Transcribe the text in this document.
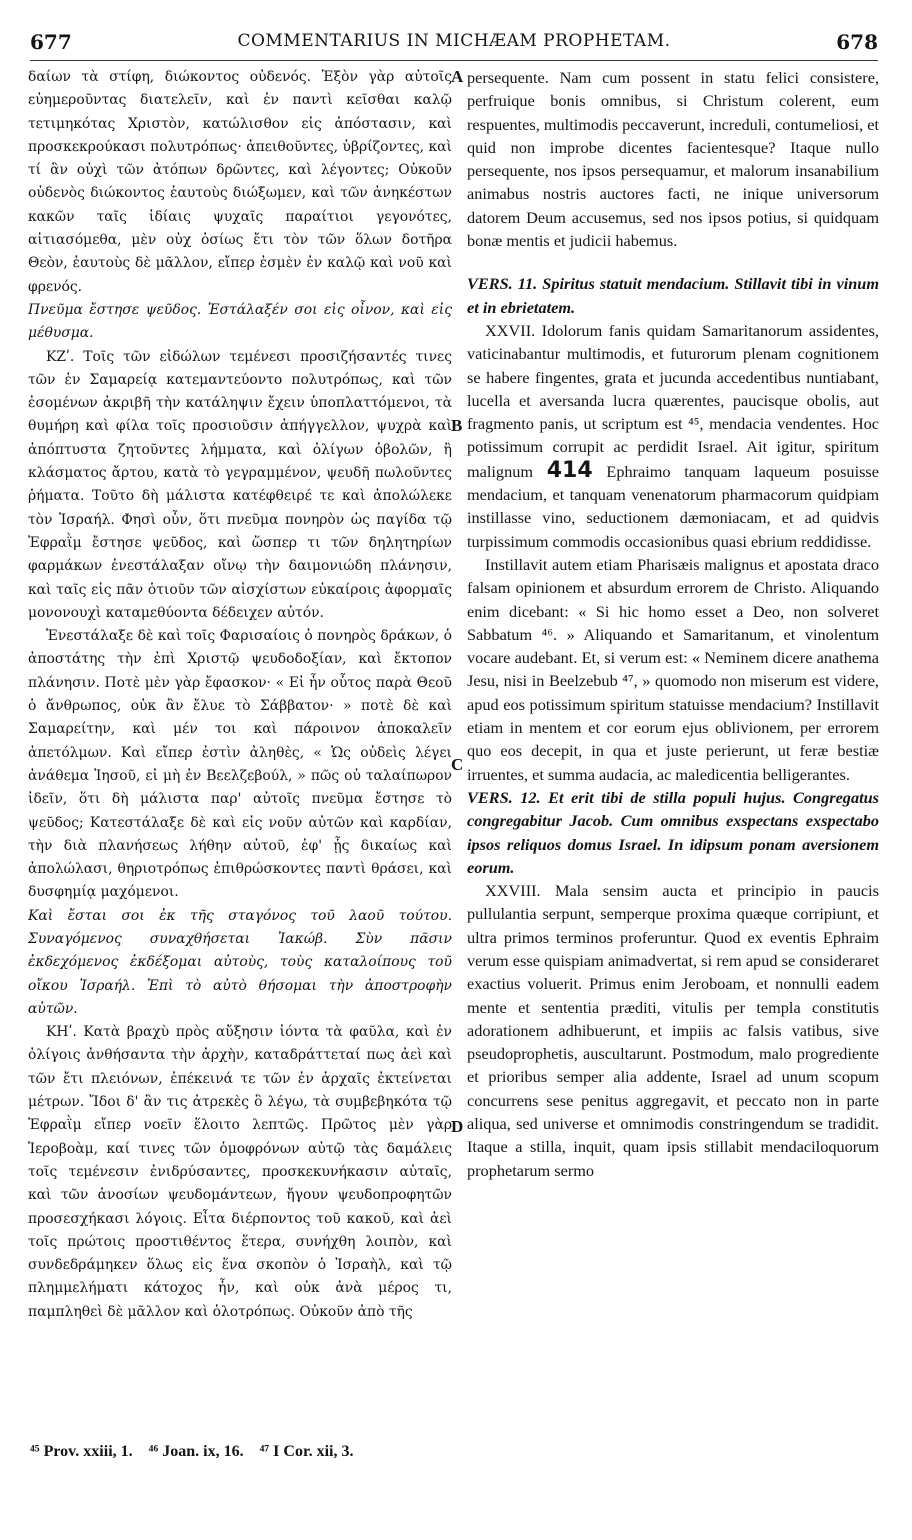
677	COMMENTARIUS IN MICHÆAM PROPHETAM.	678

δαίων τὰ στίφη, διώκοντος οὐδενός. Ἐξὸν γὰρ αὐτοῖς εὐημεροῦντας διατελεῖν, καὶ ἐν παντὶ κεῖσθαι καλῷ τετιμηκότας Χριστὸν, κατώλισθον εἰς ἀπόστασιν, καὶ προσκεκρούκασι πολυτρόπως· ἀπειθοῦντες, ὑβρίζοντες, καὶ τί ἂν οὐχὶ τῶν ἀτόπων δρῶντες, καὶ λέγοντες; Οὐκοῦν οὐδενὸς διώκοντος ἑαυτοὺς διώξωμεν, καὶ τῶν ἀνηκέστων κακῶν ταῖς ἰδίαις ψυχαῖς παραίτιοι γεγονότες, αἰτιασόμεθα, μὲν οὐχ ὁσίως ἔτι τὸν τῶν ὅλων δοτῆρα Θεὸν, ἑαυτοὺς δὲ μᾶλλον, εἴπερ ἐσμὲν ἐν καλῷ καὶ νοῦ καὶ φρενός.

Πνεῦμα ἔστησε ψεῦδος. Ἐστάλαξέν σοι εἰς οἶνον, καὶ εἰς μέθυσμα.

ΚΖʹ. Τοῖς τῶν εἰδώλων τεμένεσι προσιζήσαντές τινες τῶν ἐν Σαμαρείᾳ κατεμαντεύοντο πολυτρόπως, καὶ τῶν ἐσομένων ἀκριβῆ τὴν κατάληψιν ἔχειν ὑποπλαττόμενοι, τὰ θυμήρη καὶ φίλα τοῖς προσιοῦσιν ἀπήγγελλον, ψυχρὰ καὶ ἀπόπτυστα ζητοῦντες λήμματα, καὶ ὀλίγων ὀβολῶν, ἢ κλάσματος ἄρτου, κατὰ τὸ γεγραμμένον, ψευδῆ πωλοῦντες ῥήματα. Τοῦτο δὴ μάλιστα κατέφθειρέ τε καὶ ἀπολώλεκε τὸν Ἰσραήλ. Φησὶ οὖν, ὅτι πνεῦμα πονηρὸν ὡς παγίδα τῷ Ἐφραῒμ ἔστησε ψεῦδος, καὶ ὥσπερ τι τῶν δηλητηρίων φαρμάκων ἐνεστάλαξαν οἴνῳ τὴν δαιμονιώδη πλάνησιν, καὶ ταῖς εἰς πᾶν ὁτιοῦν τῶν αἰσχίστων εὐκαίροις ἀφορμαῖς μονονουχὶ καταμεθύοντα δέδειχεν αὐτόν.

Ἐνεστάλαξε δὲ καὶ τοῖς Φαρισαίοις ὁ πονηρὸς δράκων, ὁ ἀποστάτης τὴν ἐπὶ Χριστῷ ψευδοδοξίαν, καὶ ἔκτοπον πλάνησιν. Ποτὲ μὲν γὰρ ἔφασκον· « Εἰ ἦν οὗτος παρὰ Θεοῦ ὁ ἄνθρωπος, οὐκ ἂν ἔλυε τὸ Σάββατον· » ποτὲ δὲ καὶ Σαμαρείτην, καὶ μέν τοι καὶ πάροινον ἀποκαλεῖν ἀπετόλμων. Καὶ εἴπερ ἐστὶν ἀληθὲς, « Ὡς οὐδεὶς λέγει ἀνάθεμα Ἰησοῦ, εἰ μὴ ἐν Βεελζεβούλ, » πῶς οὐ ταλαίπωρον ἰδεῖν, ὅτι δὴ μάλιστα παρ' αὐτοῖς πνεῦμα ἔστησε τὸ ψεῦδος; Κατεστάλαξε δὲ καὶ εἰς νοῦν αὐτῶν καὶ καρδίαν, τὴν διὰ πλανήσεως λήθην αὐτοῦ, ἐφ' ᾗς δικαίως καὶ ἀπολώλασι, θηριοτρόπως ἐπιθρώσκοντες παντὶ θράσει, καὶ δυσφημίᾳ μαχόμενοι.

Καὶ ἔσται σοι ἐκ τῆς σταγόνος τοῦ λαοῦ τούτου. Συναγόμενος συναχθήσεται Ἰακώβ. Σὺν πᾶσιν ἐκδεχόμενος ἐκδέξομαι αὐτοὺς, τοὺς καταλοίπους τοῦ οἴκου Ἰσραήλ. Ἐπὶ τὸ αὐτὸ θήσομαι τὴν ἀποστροφὴν αὐτῶν.

ΚΗʹ. Κατὰ βραχὺ πρὸς αὔξησιν ἰόντα τὰ φαῦλα, καὶ ἐν ὀλίγοις ἀνθήσαντα τὴν ἀρχὴν, καταδράττεταί πως ἀεὶ καὶ τῶν ἔτι πλειόνων, ἐπέκεινά τε τῶν ἐν ἀρχαῖς ἐκτείνεται μέτρων. Ἴδοι δ' ἂν τις ἀτρεκὲς ὃ λέγω, τὰ συμβεβηκότα τῷ Ἐφραῒμ εἴπερ νοεῖν ἕλοιτο λεπτῶς. Πρῶτος μὲν γὰρ Ἱεροβοὰμ, καί τινες τῶν ὁμοφρόνων αὐτῷ τὰς δαμάλεις τοῖς τεμένεσιν ἐνιδρύσαντες, προσκεκυνήκασιν αὐταῖς, καὶ τῶν ἀνοσίων ψευδομάντεων, ἤγουν ψευδοπροφητῶν προσεσχήκασι λόγοις. Εἶτα διέρποντος τοῦ κακοῦ, καὶ ἀεὶ τοῖς πρώτοις προστιθέντος ἕτερα, συνήχθη λοιπὸν, καὶ συνδεδράμηκεν ὅλως εἰς ἕνα σκοπὸν ὁ Ἰσραὴλ, καὶ τῷ πλημμελήματι κάτοχος ἦν, καὶ οὐκ ἀνὰ μέρος τι, παμπληθεὶ δὲ μᾶλλον καὶ ὁλοτρόπως. Οὐκοῦν ἀπὸ τῆς

A
B
C
D

persequente. Nam cum possent in statu felici consistere, perfruique bonis omnibus, si Christum colerent, eum respuentes, multimodis peccaverunt, increduli, contumeliosi, et quid non improbe dicentes facientesque? Itaque nullo persequente, nos ipsos persequamur, et malorum insanabilium animabus nostris auctores facti, ne inique universorum datorem Deum accusemus, sed nos ipsos potius, si quidquam bonæ mentis et judicii habemus.

VERS. 11. Spiritus statuit mendacium. Stillavit tibi in vinum et in ebrietatem.

XXVII. Idolorum fanis quidam Samaritanorum assidentes, vaticinabantur multimodis, et futurorum plenam cognitionem se habere fingentes, grata et jucunda accedentibus nuntiabant, lucella et aversanda lucra quærentes, paucisque obolis, aut fragmento panis, ut scriptum est ⁴⁵, mendacia vendentes. Hoc potissimum corrupit ac perdidit Israel. Ait igitur, spiritum malignum 414 Ephraimo tanquam laqueum posuisse mendacium, et tanquam venenatorum pharmacorum quidpiam instillasse vino, seductionem dæmoniacam, et ad quidvis turpissimum commodis occasionibus quasi ebrium reddidisse.

Instillavit autem etiam Pharisæis malignus et apostata draco falsam opinionem et absurdum errorem de Christo. Aliquando enim dicebant: « Si hic homo esset a Deo, non solveret Sabbatum ⁴⁶. » Aliquando et Samaritanum, et vinolentum vocare audebant. Et, si verum est: « Neminem dicere anathema Jesu, nisi in Beelzebub ⁴⁷, » quomodo non miserum est videre, apud eos potissimum spiritum statuisse mendacium? Instillavit etiam in mentem et cor eorum ejus oblivionem, per errorem quo eos decepit, in qua et juste perierunt, ut feræ bestiæ irruentes, et summa audacia, ac maledicentia belligerantes.

VERS. 12. Et erit tibi de stilla populi hujus. Congregatus congregabitur Jacob. Cum omnibus exspectans exspectabo ipsos reliquos domus Israel. In idipsum ponam aversionem eorum.

XXVIII. Mala sensim aucta et principio in paucis pullulantia serpunt, semperque proxima quæque corripiunt, et ultra primos terminos proferuntur. Quod ex eventis Ephraim verum esse quispiam animadvertat, si rem apud se consideraret exactius voluerit. Primus enim Jeroboam, et nonnulli eadem mente et sententia præditi, vitulis per templa constitutis adorationem adhibuerunt, et impiis ac falsis vatibus, sive pseudoprophetis, auscultarunt. Postmodum, malo progrediente et prioribus semper alia addente, Israel ad unum scopum concurrens sese penitus aggregavit, et peccato non in parte aliqua, sed universe et omnimodis constringendum se tradidit. Itaque a stilla, inquit, quam ipsis stillabit mendaciloquorum prophetarum sermo

⁴⁵ Prov. xxiii, 1. ⁴⁶ Joan. ix, 16. ⁴⁷ I Cor. xii, 3.
